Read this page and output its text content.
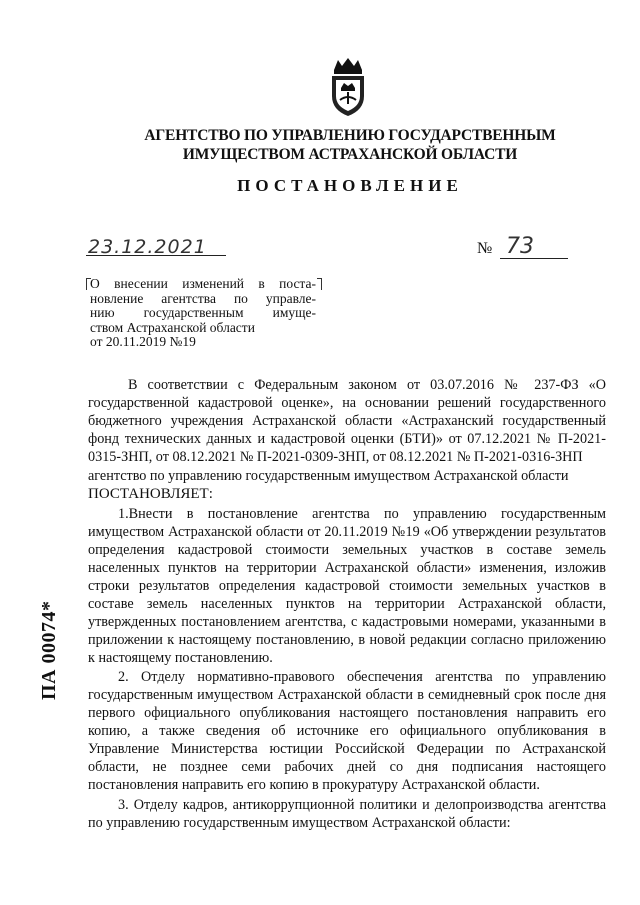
АГЕНТСТВО ПО УПРАВЛЕНИЮ ГОСУДАРСТВЕННЫМ
ИМУЩЕСТВОМ АСТРАХАНСКОЙ ОБЛАСТИ
ПОСТАНОВЛЕНИЕ
23.12.2021	№ 73

О внесении изменений в поста-

новление агентства по управле-

нию государственным имуще-

ством Астраханской области

от 20.11.2019 №19

В соответствии с Федеральным законом от 03.07.2016 № 237-ФЗ «О государственной кадастровой оценке», на основании решений государственного бюджетного учреждения Астраханской области «Астраханский государственный фонд технических данных и кадастровой оценки (БТИ)» от 07.12.2021 № П-2021-0315-ЗНП, от 08.12.2021 № П-2021-0309-ЗНП, от 08.12.2021 № П-2021-0316-ЗНП

агентство по управлению государственным имуществом Астраханской области

ПОСТАНОВЛЯЕТ:

1.Внести в постановление агентства по управлению государственным имуществом Астраханской области от 20.11.2019 №19 «Об утверждении результатов определения кадастровой стоимости земельных участков в составе земель населенных пунктов на территории Астраханской области» изменения, изложив строки результатов определения кадастровой стоимости земельных участков в составе земель населенных пунктов на территории Астраханской области, утвержденных постановлением агентства, с кадастровыми номерами, указанными в приложении к настоящему постановлению, в новой редакции согласно приложению к настоящему постановлению.

2. Отделу нормативно-правового обеспечения агентства по управлению государственным имуществом Астраханской области в семидневный срок после дня первого официального опубликования настоящего постановления направить его копию, а также сведения об источнике его официального опубликования в Управление Министерства юстиции Российской Федерации по Астраханской области, не позднее семи рабочих дней со дня подписания настоящего постановления направить его копию в прокуратуру Астраханской области.

3. Отделу кадров, антикоррупционной политики и делопроизводства агентства по управлению государственным имуществом Астраханской области:

ПА 00074*
